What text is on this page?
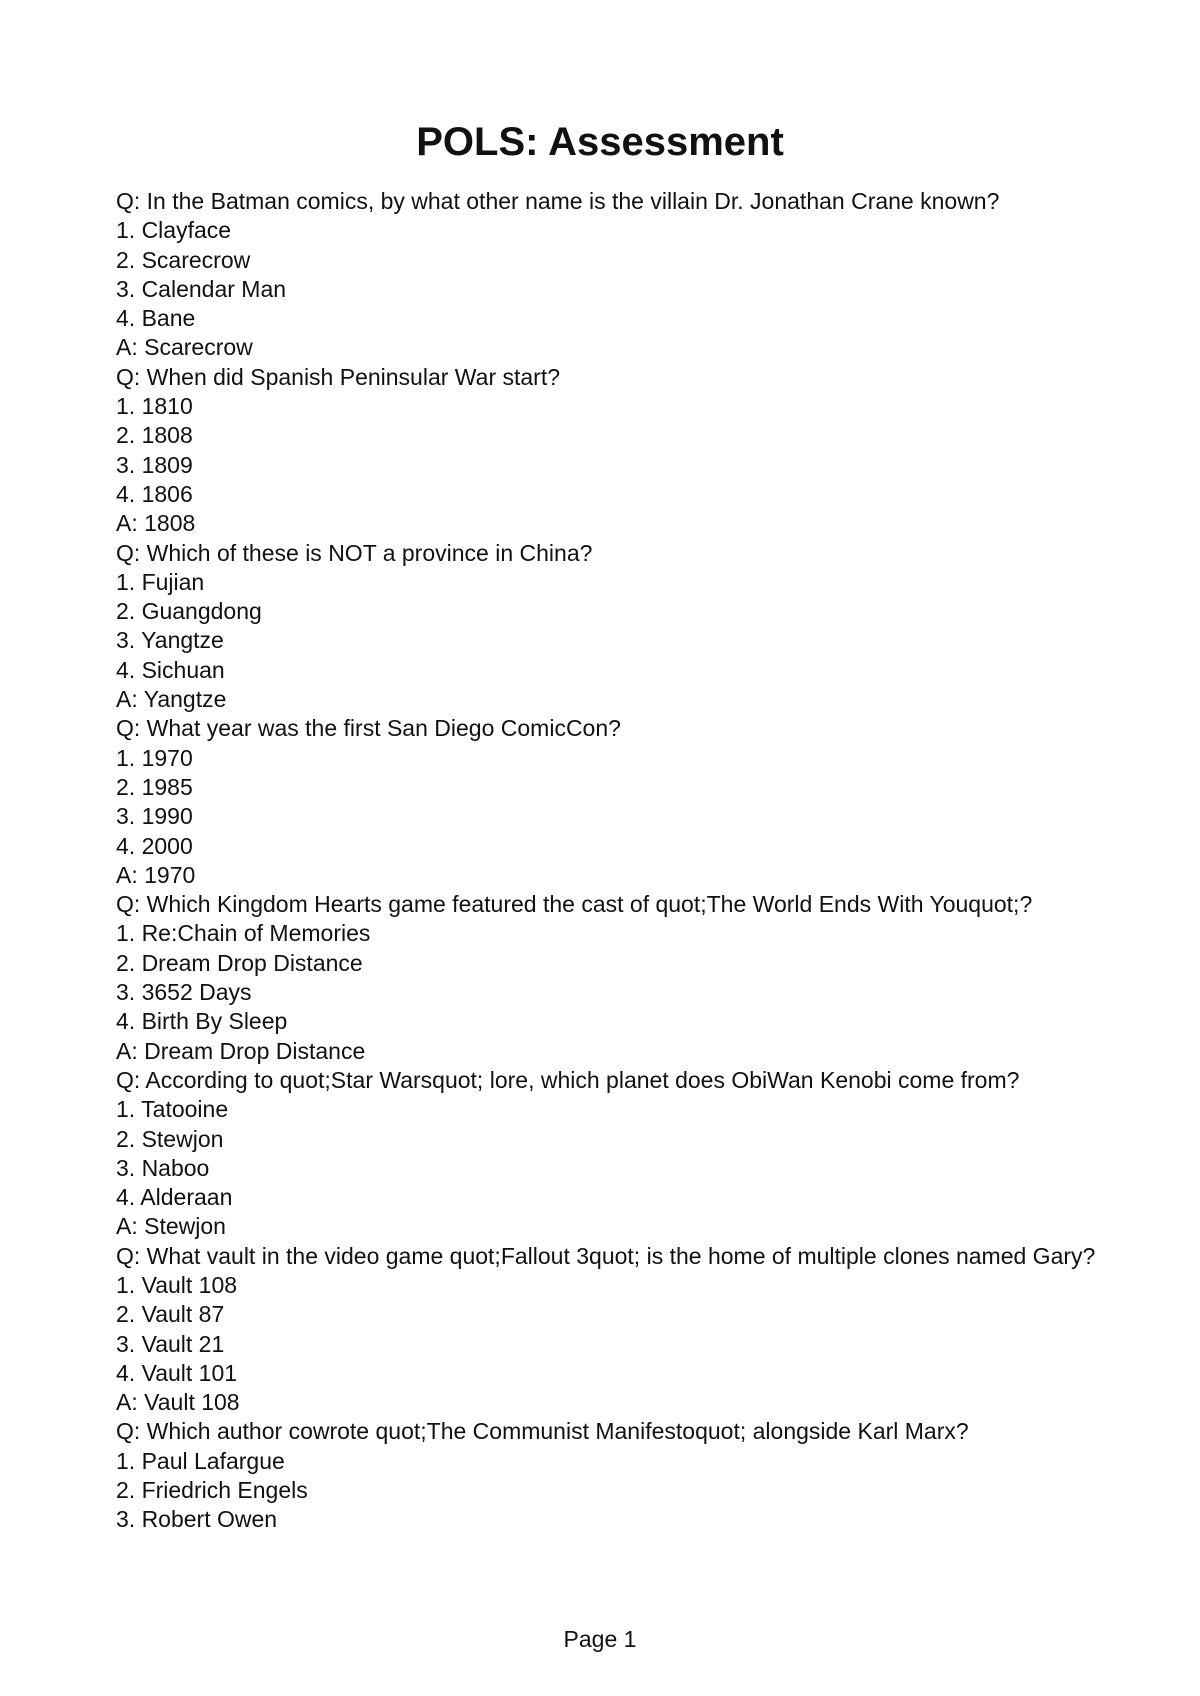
POLS: Assessment
Q: In the Batman comics, by what other name is the villain Dr. Jonathan Crane known?
1. Clayface
2. Scarecrow
3. Calendar Man
4. Bane
A: Scarecrow
Q: When did Spanish Peninsular War start?
1. 1810
2. 1808
3. 1809
4. 1806
A: 1808
Q: Which of these is NOT a province in China?
1. Fujian
2. Guangdong
3. Yangtze
4. Sichuan
A: Yangtze
Q: What year was the first San Diego ComicCon?
1. 1970
2. 1985
3. 1990
4. 2000
A: 1970
Q: Which Kingdom Hearts game featured the cast of quot;The World Ends With Youquot;?
1. Re:Chain of Memories
2. Dream Drop Distance
3. 3652 Days
4. Birth By Sleep
A: Dream Drop Distance
Q: According to quot;Star Warsquot; lore, which planet does ObiWan Kenobi come from?
1. Tatooine
2. Stewjon
3. Naboo
4. Alderaan
A: Stewjon
Q: What vault in the video game quot;Fallout 3quot; is the home of multiple clones named Gary?
1. Vault 108
2. Vault 87
3. Vault 21
4. Vault 101
A: Vault 108
Q: Which author cowrote quot;The Communist Manifestoquot; alongside Karl Marx?
1. Paul Lafargue
2. Friedrich Engels
3. Robert Owen
Page 1
